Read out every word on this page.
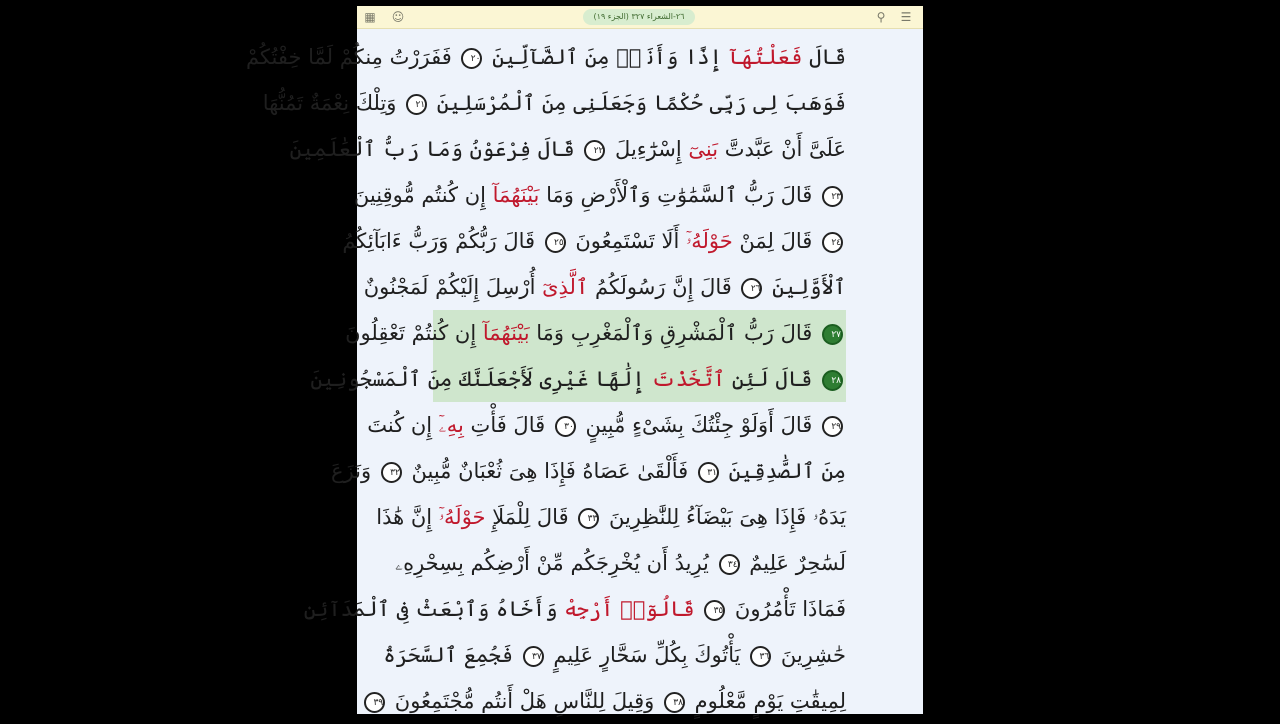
▦ ☺	٢٦-الشعراء ٣٢٧ (الجزء ١٩)	⚲	☰
قَالَ فَعَلْتُهَآ إِذًا وَأَنَا۠ مِنَ ٱلضَّآلِّينَ ٢٠ فَفَرَرْتُ مِنكُمْ لَمَّا خِفْتُكُمْ
فَوَهَبَ لِى رَبِّى حُكْمًا وَجَعَلَنِى مِنَ ٱلْمُرْسَلِينَ ٢١ وَتِلْكَ نِعْمَةٌ تَمُنُّهَا
عَلَىَّ أَنْ عَبَّدتَّ بَنِىٓ إِسْرَٰٓءِيلَ ٢٢ قَالَ فِرْعَوْنُ وَمَا رَبُّ ٱلْعَٰلَمِينَ
٢٣ قَالَ رَبُّ ٱلسَّمَٰوَٰتِ وَٱلْأَرْضِ وَمَا بَيْنَهُمَآ إِن كُنتُم مُّوقِنِينَ
٢٤ قَالَ لِمَنْ حَوْلَهُۥٓ أَلَا تَسْتَمِعُونَ ٢٥ قَالَ رَبُّكُمْ وَرَبُّ ءَابَآئِكُمُ
ٱلْأَوَّلِينَ ٢٦ قَالَ إِنَّ رَسُولَكُمُ ٱلَّذِىٓ أُرْسِلَ إِلَيْكُمْ لَمَجْنُونٌ
٢٧ قَالَ رَبُّ ٱلْمَشْرِقِ وَٱلْمَغْرِبِ وَمَا بَيْنَهُمَآ إِن كُنتُمْ تَعْقِلُونَ
٢٨ قَالَ لَئِنِ ٱتَّخَذْتَ إِلَٰهًا غَيْرِى لَأَجْعَلَنَّكَ مِنَ ٱلْمَسْجُونِينَ
٢٩ قَالَ أَوَلَوْ جِئْتُكَ بِشَىْءٍ مُّبِينٍ ٣٠ قَالَ فَأْتِ بِهِۦٓ إِن كُنتَ
مِنَ ٱلصَّٰدِقِينَ ٣١ فَأَلْقَىٰ عَصَاهُ فَإِذَا هِىَ ثُعْبَانٌ مُّبِينٌ ٣٢ وَنَزَعَ
يَدَهُۥ فَإِذَا هِىَ بَيْضَآءُ لِلنَّٰظِرِينَ ٣٣ قَالَ لِلْمَلَإِ حَوْلَهُۥٓ إِنَّ هَٰذَا
لَسَٰحِرٌ عَلِيمٌ ٣٤ يُرِيدُ أَن يُخْرِجَكُم مِّنْ أَرْضِكُم بِسِحْرِهِۦ
فَمَاذَا تَأْمُرُونَ ٣٥ قَالُوٓا۟ أَرْجِهْ وَأَخَاهُ وَٱبْعَثْ فِى ٱلْمَدَآئِنِ
حَٰشِرِينَ ٣٦ يَأْتُوكَ بِكُلِّ سَحَّارٍ عَلِيمٍ ٣٧ فَجُمِعَ ٱلسَّحَرَةُ
لِمِيقَٰتِ يَوْمٍ مَّعْلُومٍ ٣٨ وَقِيلَ لِلنَّاسِ هَلْ أَنتُم مُّجْتَمِعُونَ ٣٩
